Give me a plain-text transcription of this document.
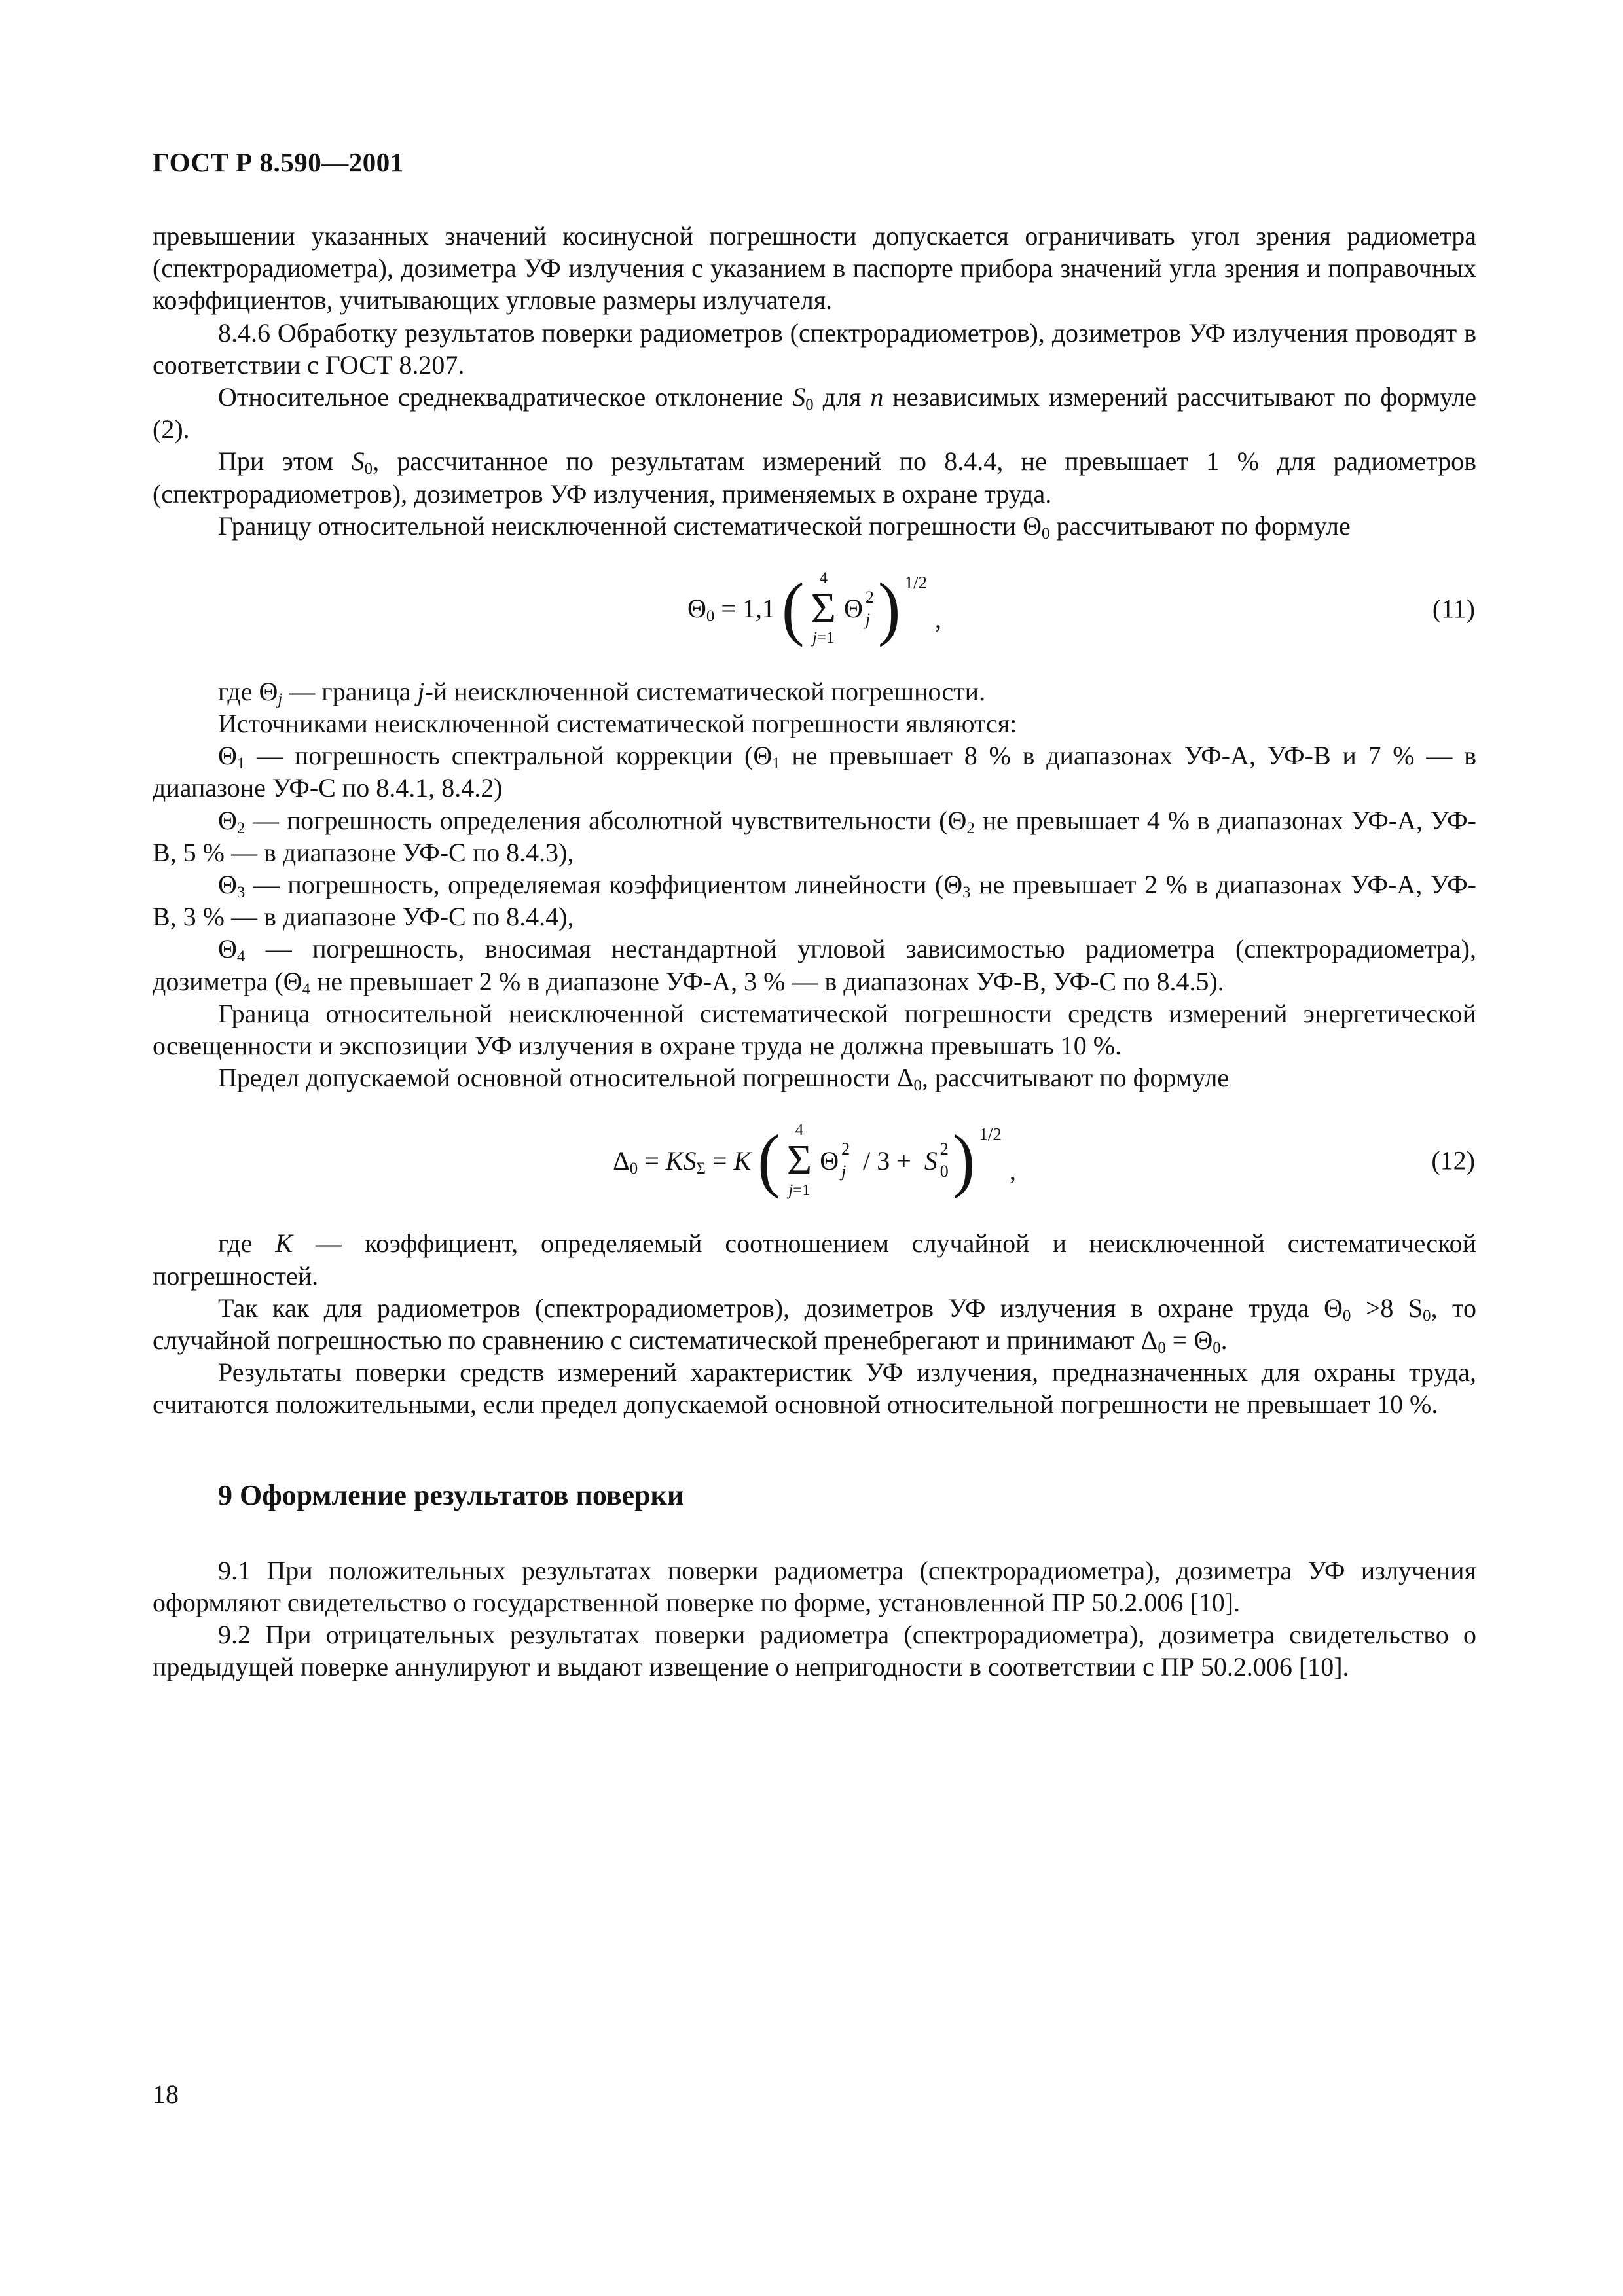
ГОСТ Р 8.590—2001

превышении указанных значений косинусной погрешности допускается ограничивать угол зрения радиометра (спектрорадиометра), дозиметра УФ излучения с указанием в паспорте прибора значений угла зрения и поправочных коэффициентов, учитывающих угловые размеры излучателя.

8.4.6 Обработку результатов поверки радиометров (спектрорадиометров), дозиметров УФ излучения проводят в соответствии с ГОСТ 8.207.

Относительное среднеквадратическое отклонение $S_0$ для n независимых измерений рассчитывают по формуле (2).

При этом $S_0$, рассчитанное по результатам измерений по 8.4.4, не превышает 1 % для радиометров (спектрорадиометров), дозиметров УФ излучения, применяемых в охране труда.

Границу относительной неисключенной систематической погрешности $\Theta_0$ рассчитывают по формуле

$\Theta_0 = 1,1$ ( 4
Σ
j=1
Θ 2
j ) 1/2
,	(11)

где $\Theta_j$ — граница j-й неисключенной систематической погрешности.

Источниками неисключенной систематической погрешности являются:

$\Theta_1$ — погрешность спектральной коррекции ($\Theta_1$ не превышает 8 % в диапазонах УФ-А, УФ-В и 7 % — в диапазоне УФ-С по 8.4.1, 8.4.2)

$\Theta_2$ — погрешность определения абсолютной чувствительности ($\Theta_2$ не превышает 4 % в диапазонах УФ-А, УФ-В, 5 % — в диапазоне УФ-С по 8.4.3),

$\Theta_3$ — погрешность, определяемая коэффициентом линейности ($\Theta_3$ не превышает 2 % в диапазонах УФ-А, УФ-В, 3 % — в диапазоне УФ-С по 8.4.4),

$\Theta_4$ — погрешность, вносимая нестандартной угловой зависимостью радиометра (спектрорадиометра), дозиметра ($\Theta_4$ не превышает 2 % в диапазоне УФ-А, 3 % — в диапазонах УФ-В, УФ-С по 8.4.5).

Граница относительной неисключенной систематической погрешности средств измерений энергетической освещенности и экспозиции УФ излучения в охране труда не должна превышать 10 %.

Предел допускаемой основной относительной погрешности $\Delta_0$, рассчитывают по формуле

$\Delta_0 = KS_\Sigma = K$ ( 4
Σ
j=1
Θ 2
j / 3 + S 2
0 ) 1/2
,	(12)

где K — коэффициент, определяемый соотношением случайной и неисключенной систематической погрешностей.

Так как для радиометров (спектрорадиометров), дозиметров УФ излучения в охране труда $\Theta_0 >8$ $S_0$, то случайной погрешностью по сравнению с систематической пренебрегают и принимают $\Delta_0 = \Theta_0$.

Результаты поверки средств измерений характеристик УФ излучения, предназначенных для охраны труда, считаются положительными, если предел допускаемой основной относительной погрешности не превышает 10 %.

9 Оформление результатов поверки

9.1 При положительных результатах поверки радиометра (спектрорадиометра), дозиметра УФ излучения оформляют свидетельство о государственной поверке по форме, установленной ПР 50.2.006 [10].

9.2 При отрицательных результатах поверки радиометра (спектрорадиометра), дозиметра свидетельство о предыдущей поверке аннулируют и выдают извещение о непригодности в соответствии с ПР 50.2.006 [10].

18
